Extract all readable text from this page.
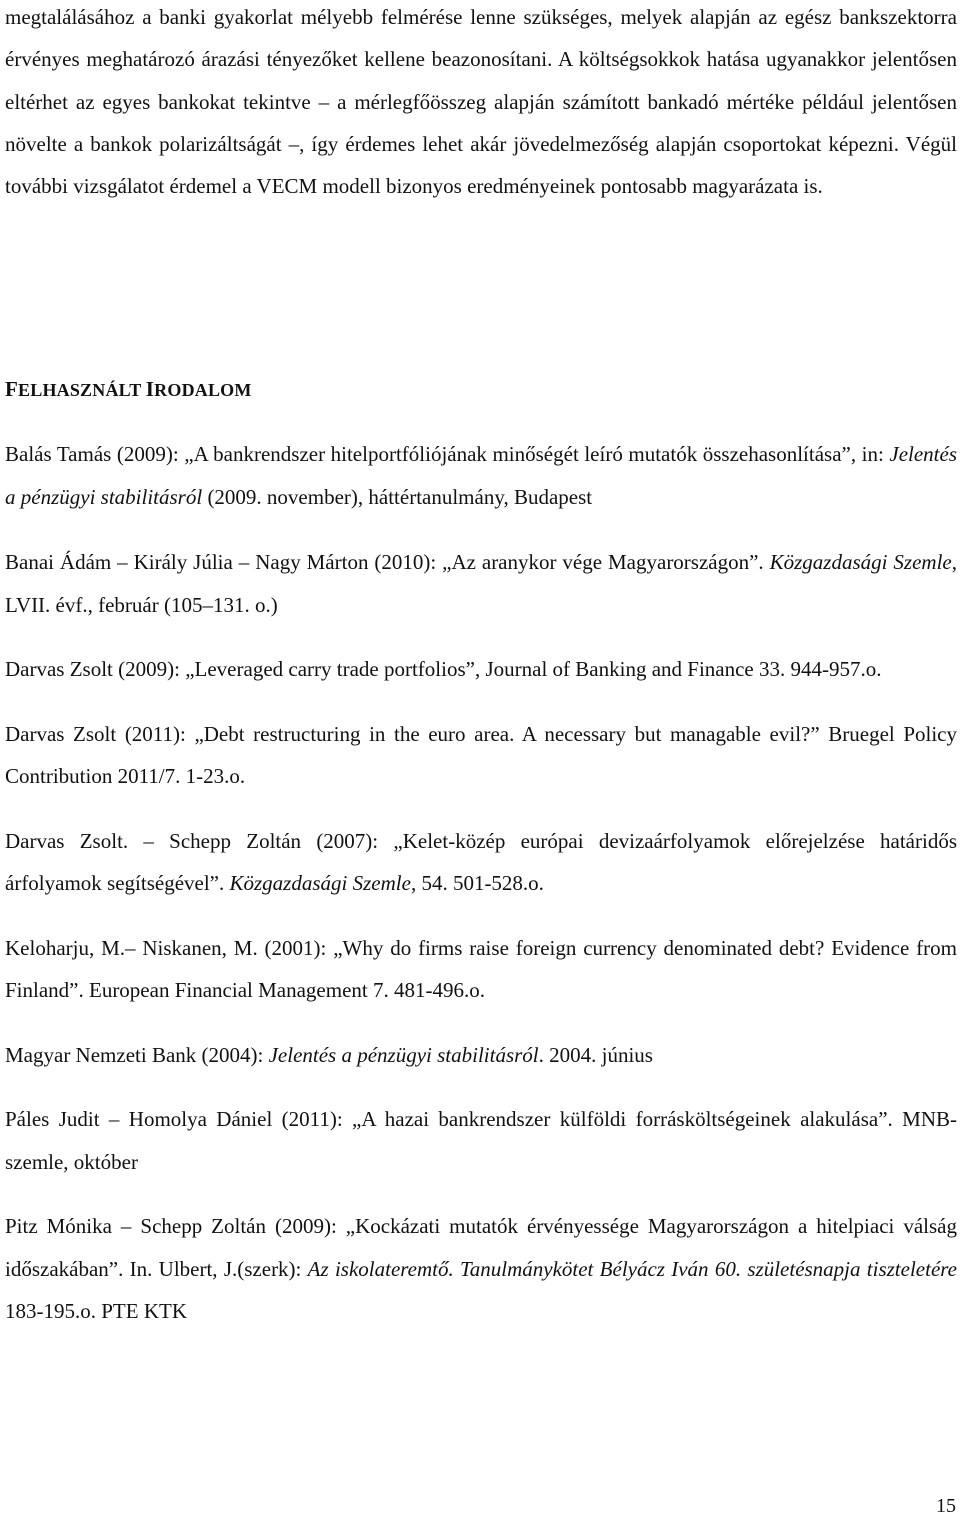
megtalálásához a banki gyakorlat mélyebb felmérése lenne szükséges, melyek alapján az egész bankszektorra érvényes meghatározó árazási tényezőket kellene beazonosítani. A költségsokkok hatása ugyanakkor jelentősen eltérhet az egyes bankokat tekintve – a mérlegfőösszeg alapján számított bankadó mértéke például jelentősen növelte a bankok polarizáltságát –, így érdemes lehet akár jövedelmezőség alapján csoportokat képezni. Végül további vizsgálatot érdemel a VECM modell bizonyos eredményeinek pontosabb magyarázata is.

FELHASZNÁLT IRODALOM
Balás Tamás (2009): „A bankrendszer hitelportfóliójának minőségét leíró mutatók összehasonlítása”, in: Jelentés a pénzügyi stabilitásról (2009. november), háttértanulmány, Budapest
Banai Ádám – Király Júlia – Nagy Márton (2010): „Az aranykor vége Magyarországon”. Közgazdasági Szemle, LVII. évf., február (105–131. o.)
Darvas Zsolt (2009): „Leveraged carry trade portfolios”, Journal of Banking and Finance 33. 944-957.o.
Darvas Zsolt (2011): „Debt restructuring in the euro area. A necessary but managable evil?” Bruegel Policy Contribution 2011/7. 1-23.o.
Darvas Zsolt. – Schepp Zoltán (2007): „Kelet-közép európai devizaárfolyamok előrejelzése határidős árfolyamok segítségével”. Közgazdasági Szemle, 54. 501-528.o.
Keloharju, M.– Niskanen, M. (2001): „Why do firms raise foreign currency denominated debt? Evidence from Finland”. European Financial Management 7. 481-496.o.
Magyar Nemzeti Bank (2004): Jelentés a pénzügyi stabilitásról. 2004. június
Páles Judit – Homolya Dániel (2011): „A hazai bankrendszer külföldi forrásköltségeinek alakulása”. MNB-szemle, október
Pitz Mónika – Schepp Zoltán (2009): „Kockázati mutatók érvényessége Magyarországon a hitelpiaci válság időszakában”. In. Ulbert, J.(szerk): Az iskolateremtő. Tanulmánykötet Bélyácz Iván 60. születésnapja tiszteletére 183-195.o. PTE KTK
15
